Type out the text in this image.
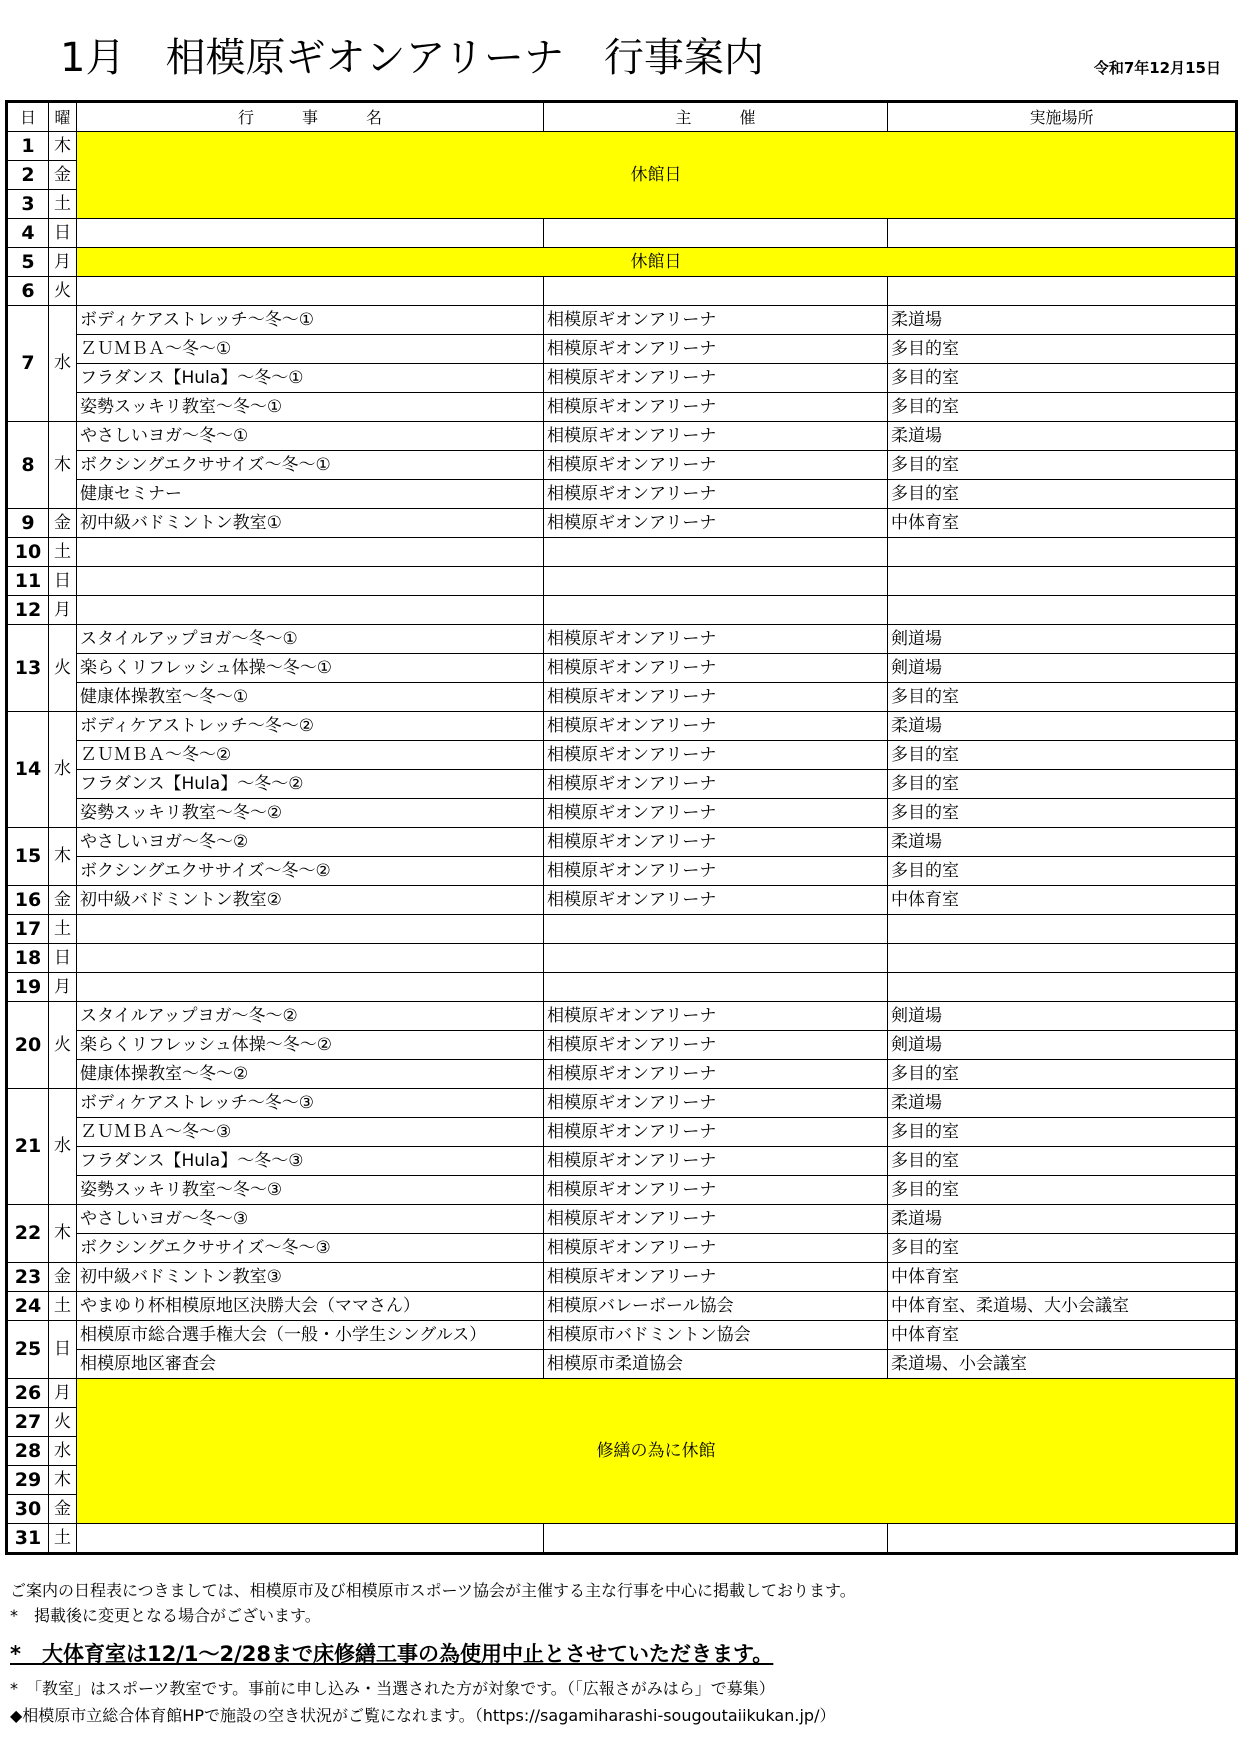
1月　相模原ギオンアリーナ　行事案内	令和7年12月15日
日	曜	行　　　事　　　名	主　　　催	実施場所
1	木	休館日		
2	金			
3	土			
4	日			
5	月	休館日		
6	火			
7	水	ボディケアストレッチ～冬～①	相模原ギオンアリーナ	柔道場
		ＺＵＭＢＡ～冬～①	相模原ギオンアリーナ	多目的室
		フラダンス【Hula】～冬～①	相模原ギオンアリーナ	多目的室
		姿勢スッキリ教室～冬～①	相模原ギオンアリーナ	多目的室
8	木	やさしいヨガ～冬～①	相模原ギオンアリーナ	柔道場
		ボクシングエクササイズ～冬～①	相模原ギオンアリーナ	多目的室
		健康セミナー	相模原ギオンアリーナ	多目的室
9	金	初中級バドミントン教室①	相模原ギオンアリーナ	中体育室
10	土			
11	日			
12	月			
13	火	スタイルアップヨガ～冬～①	相模原ギオンアリーナ	剣道場
		楽らくリフレッシュ体操～冬～①	相模原ギオンアリーナ	剣道場
		健康体操教室～冬～①	相模原ギオンアリーナ	多目的室
14	水	ボディケアストレッチ～冬～②	相模原ギオンアリーナ	柔道場
		ＺＵＭＢＡ～冬～②	相模原ギオンアリーナ	多目的室
		フラダンス【Hula】～冬～②	相模原ギオンアリーナ	多目的室
		姿勢スッキリ教室～冬～②	相模原ギオンアリーナ	多目的室
15	木	やさしいヨガ～冬～②	相模原ギオンアリーナ	柔道場
		ボクシングエクササイズ～冬～②	相模原ギオンアリーナ	多目的室
16	金	初中級バドミントン教室②	相模原ギオンアリーナ	中体育室
17	土			
18	日			
19	月			
20	火	スタイルアップヨガ～冬～②	相模原ギオンアリーナ	剣道場
		楽らくリフレッシュ体操～冬～②	相模原ギオンアリーナ	剣道場
		健康体操教室～冬～②	相模原ギオンアリーナ	多目的室
21	水	ボディケアストレッチ～冬～③	相模原ギオンアリーナ	柔道場
		ＺＵＭＢＡ～冬～③	相模原ギオンアリーナ	多目的室
		フラダンス【Hula】～冬～③	相模原ギオンアリーナ	多目的室
		姿勢スッキリ教室～冬～③	相模原ギオンアリーナ	多目的室
22	木	やさしいヨガ～冬～③	相模原ギオンアリーナ	柔道場
		ボクシングエクササイズ～冬～③	相模原ギオンアリーナ	多目的室
23	金	初中級バドミントン教室③	相模原ギオンアリーナ	中体育室
24	土	やまゆり杯相模原地区決勝大会（ママさん）	相模原バレーボール協会	中体育室、柔道場、大小会議室
25	日	相模原市総合選手権大会（一般・小学生シングルス）	相模原市バドミントン協会	中体育室
		相模原地区審査会	相模原市柔道協会	柔道場、小会議室
26	月	修繕の為に休館		
27	火			
28	水			
29	木			
30	金			
31	土			
ご案内の日程表につきましては、相模原市及び相模原市スポーツ協会が主催する主な行事を中心に掲載しております。
*　掲載後に変更となる場合がございます。
*　大体育室は12/1～2/28まで床修繕工事の為使用中止とさせていただきます。
*　「教室」はスポーツ教室です。事前に申し込み・当選された方が対象です。（「広報さがみはら」で募集）
◆相模原市立総合体育館HPで施設の空き状況がご覧になれます。（https://sagamiharashi-sougoutaiikukan.jp/）
